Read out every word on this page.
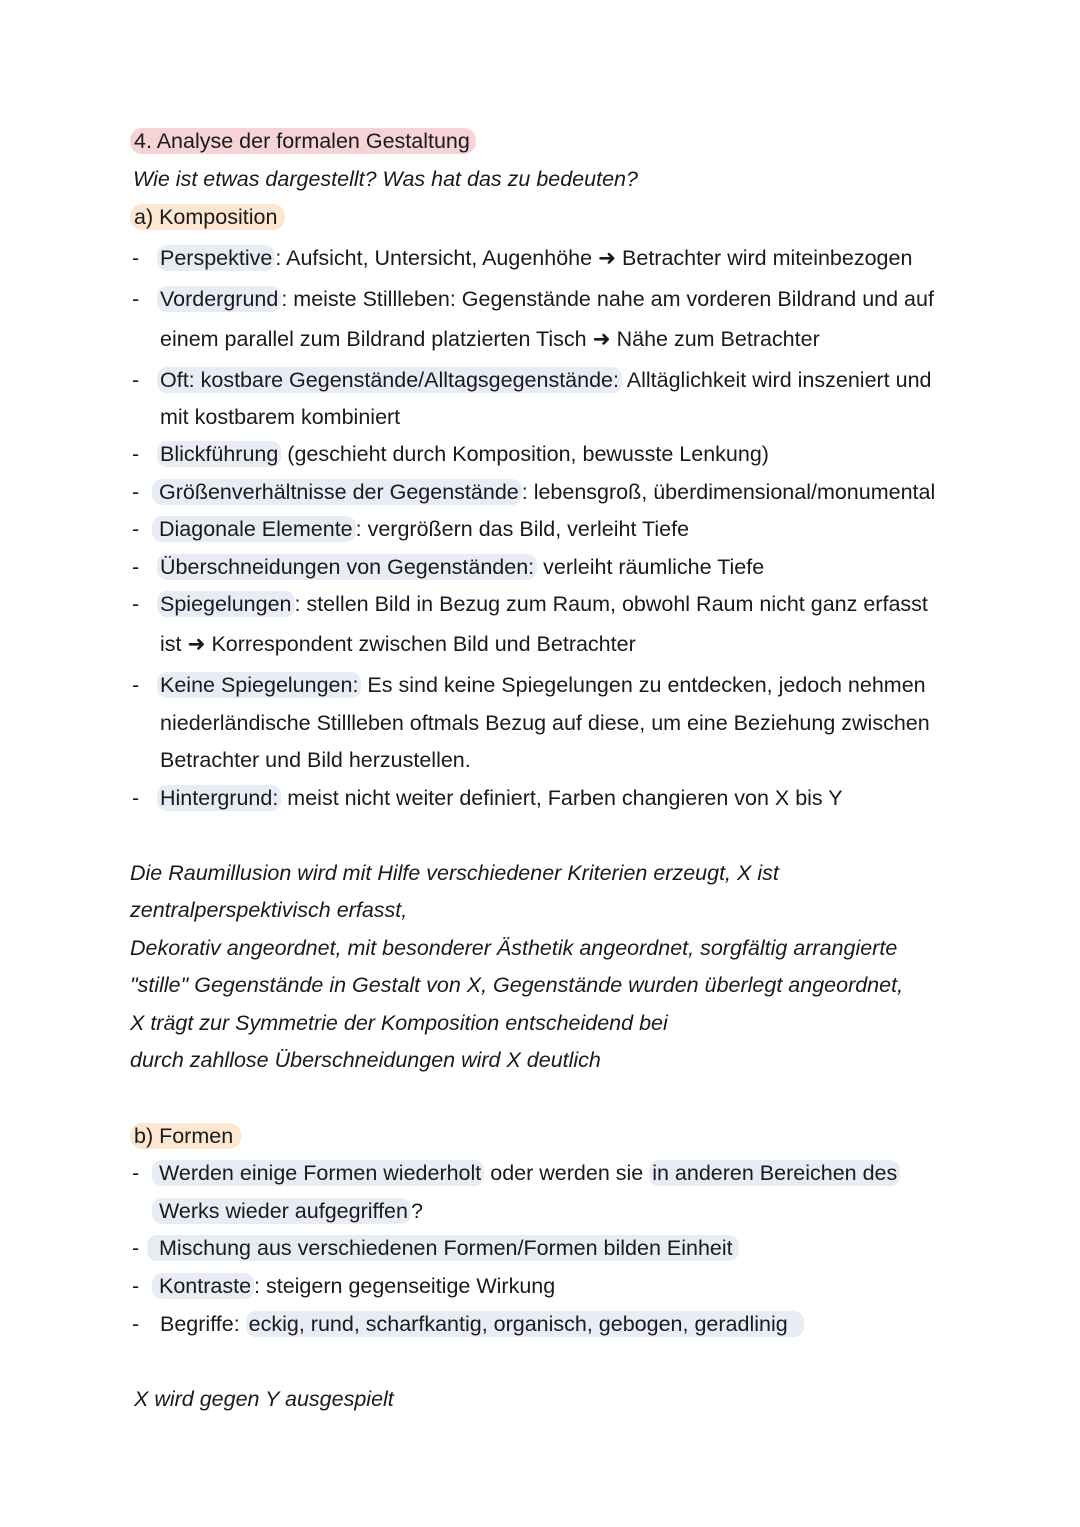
4. Analyse der formalen Gestaltung
Wie ist etwas dargestellt? Was hat das zu bedeuten?
a) Komposition
- Perspektive : Aufsicht, Untersicht, Augenhöhe ➜ Betrachter wird miteinbezogen
- Vordergrund : meiste Stillleben: Gegenstände nahe am vorderen Bildrand und auf
einem parallel zum Bildrand platzierten Tisch ➜ Nähe zum Betrachter
- Oft: kostbare Gegenstände/Alltagsgegenstände: Alltäglichkeit wird inszeniert und
mit kostbarem kombiniert
- Blickführung (geschieht durch Komposition, bewusste Lenkung)
- Größenverhältnisse der Gegenstände : lebensgroß, überdimensional/monumental
- Diagonale Elemente : vergrößern das Bild, verleiht Tiefe
- Überschneidungen von Gegenständen: verleiht räumliche Tiefe
- Spiegelungen : stellen Bild in Bezug zum Raum, obwohl Raum nicht ganz erfasst
ist ➜ Korrespondent zwischen Bild und Betrachter
- Keine Spiegelungen: Es sind keine Spiegelungen zu entdecken, jedoch nehmen
niederländische Stillleben oftmals Bezug auf diese, um eine Beziehung zwischen
Betrachter und Bild herzustellen.
- Hintergrund: meist nicht weiter definiert, Farben changieren von X bis Y
Die Raumillusion wird mit Hilfe verschiedener Kriterien erzeugt, X ist
zentralperspektivisch erfasst,
Dekorativ angeordnet, mit besonderer Ästhetik angeordnet, sorgfältig arrangierte
"stille" Gegenstände in Gestalt von X, Gegenstände wurden überlegt angeordnet,
X trägt zur Symmetrie der Komposition entscheidend bei
durch zahllose Überschneidungen wird X deutlich
b) Formen
- Werden einige Formen wiederholt oder werden sie in anderen Bereichen des
Werks wieder aufgegriffen ?
- Mischung aus verschiedenen Formen/Formen bilden Einheit
- Kontraste : steigern gegenseitige Wirkung
- Begriffe: eckig, rund, scharfkantig, organisch, gebogen, geradlinig
X wird gegen Y ausgespielt
